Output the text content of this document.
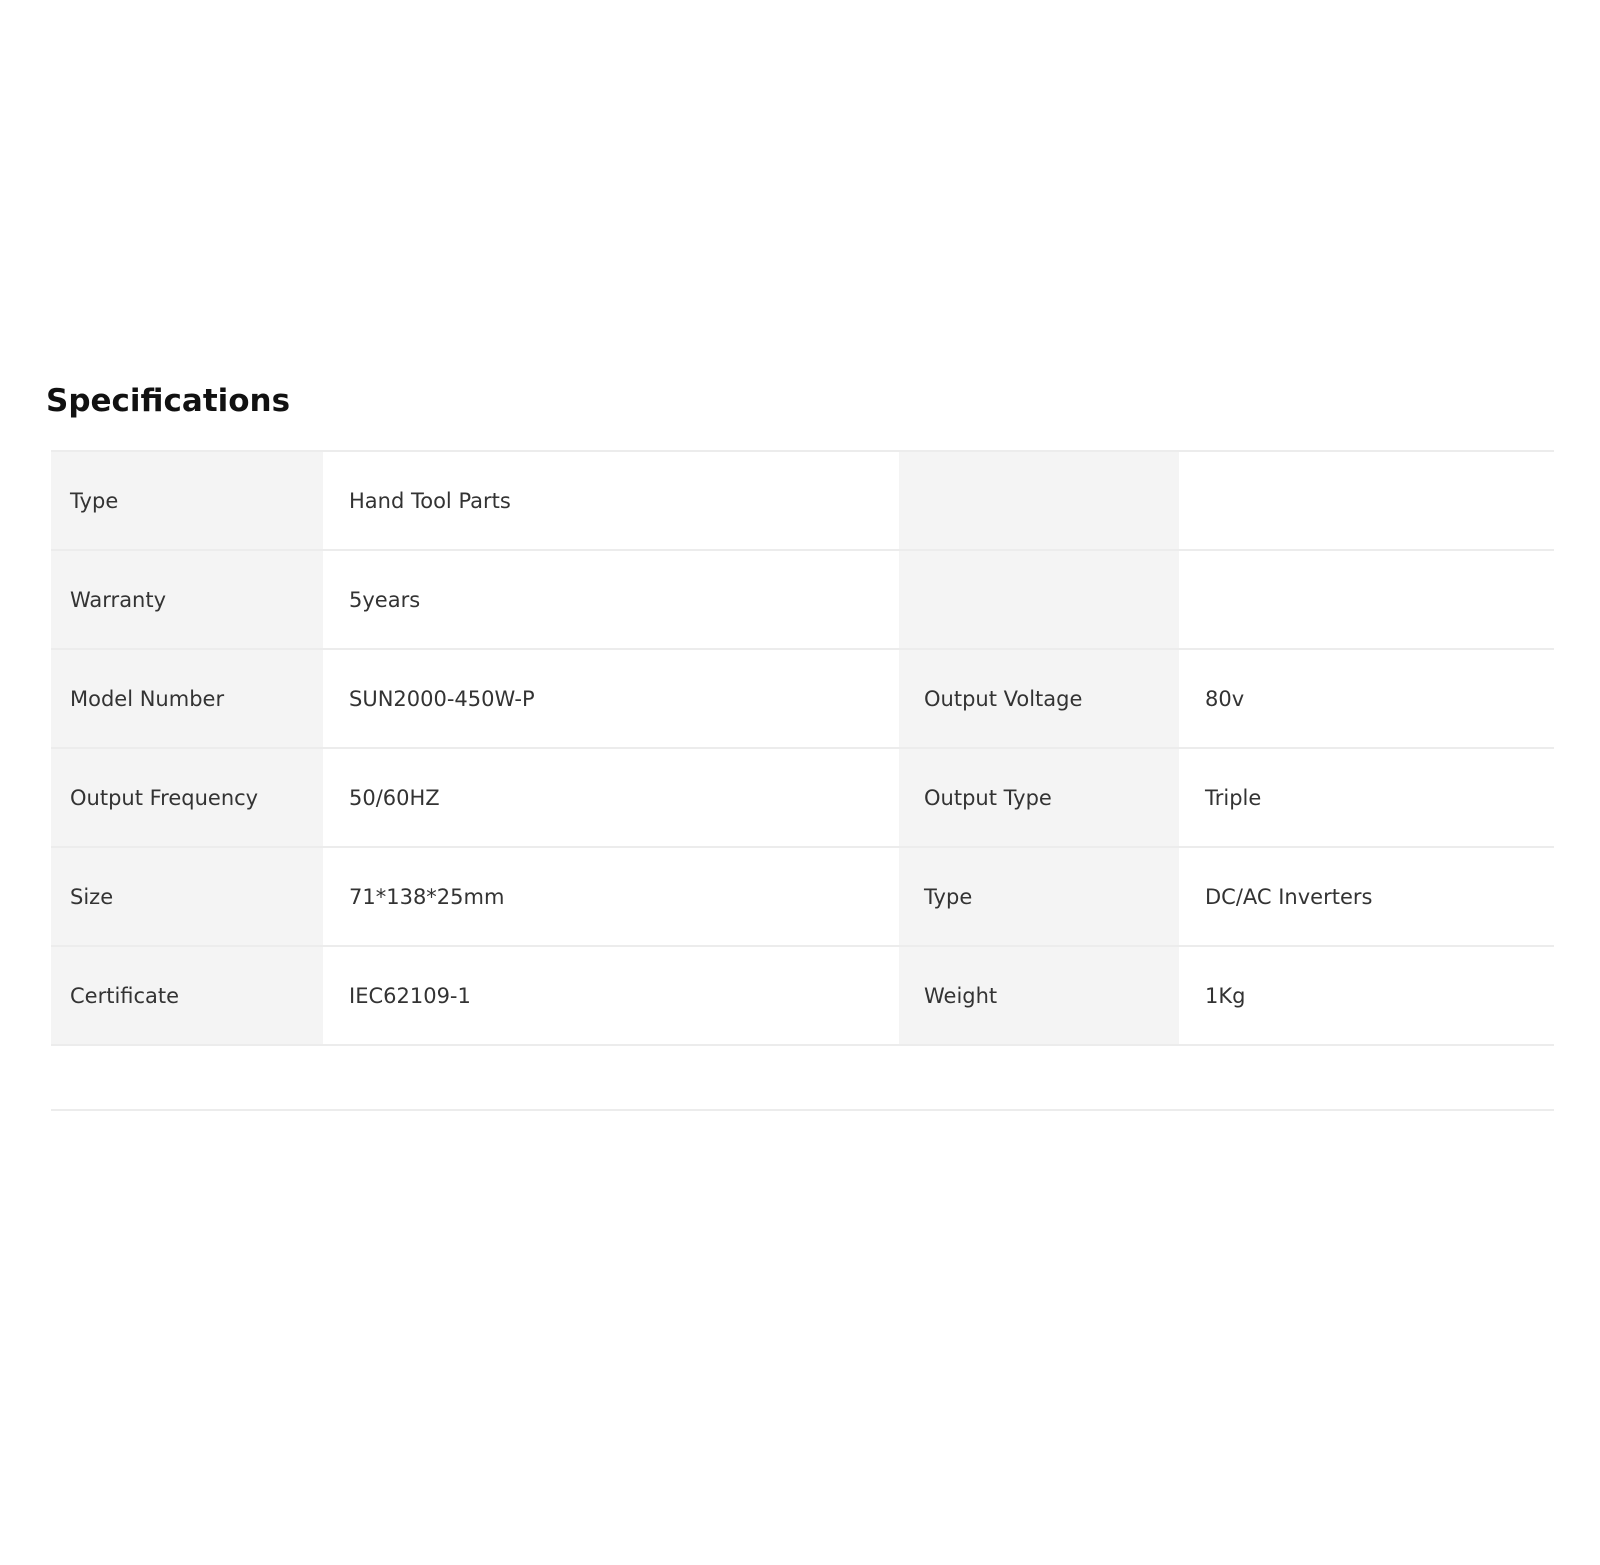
Specifications
Type	Hand Tool Parts		
Warranty	5years		
Model Number	SUN2000-450W-P	Output Voltage	80v
Output Frequency	50/60HZ	Output Type	Triple
Size	71*138*25mm	Type	DC/AC Inverters
Certificate	IEC62109-1	Weight	1Kg
